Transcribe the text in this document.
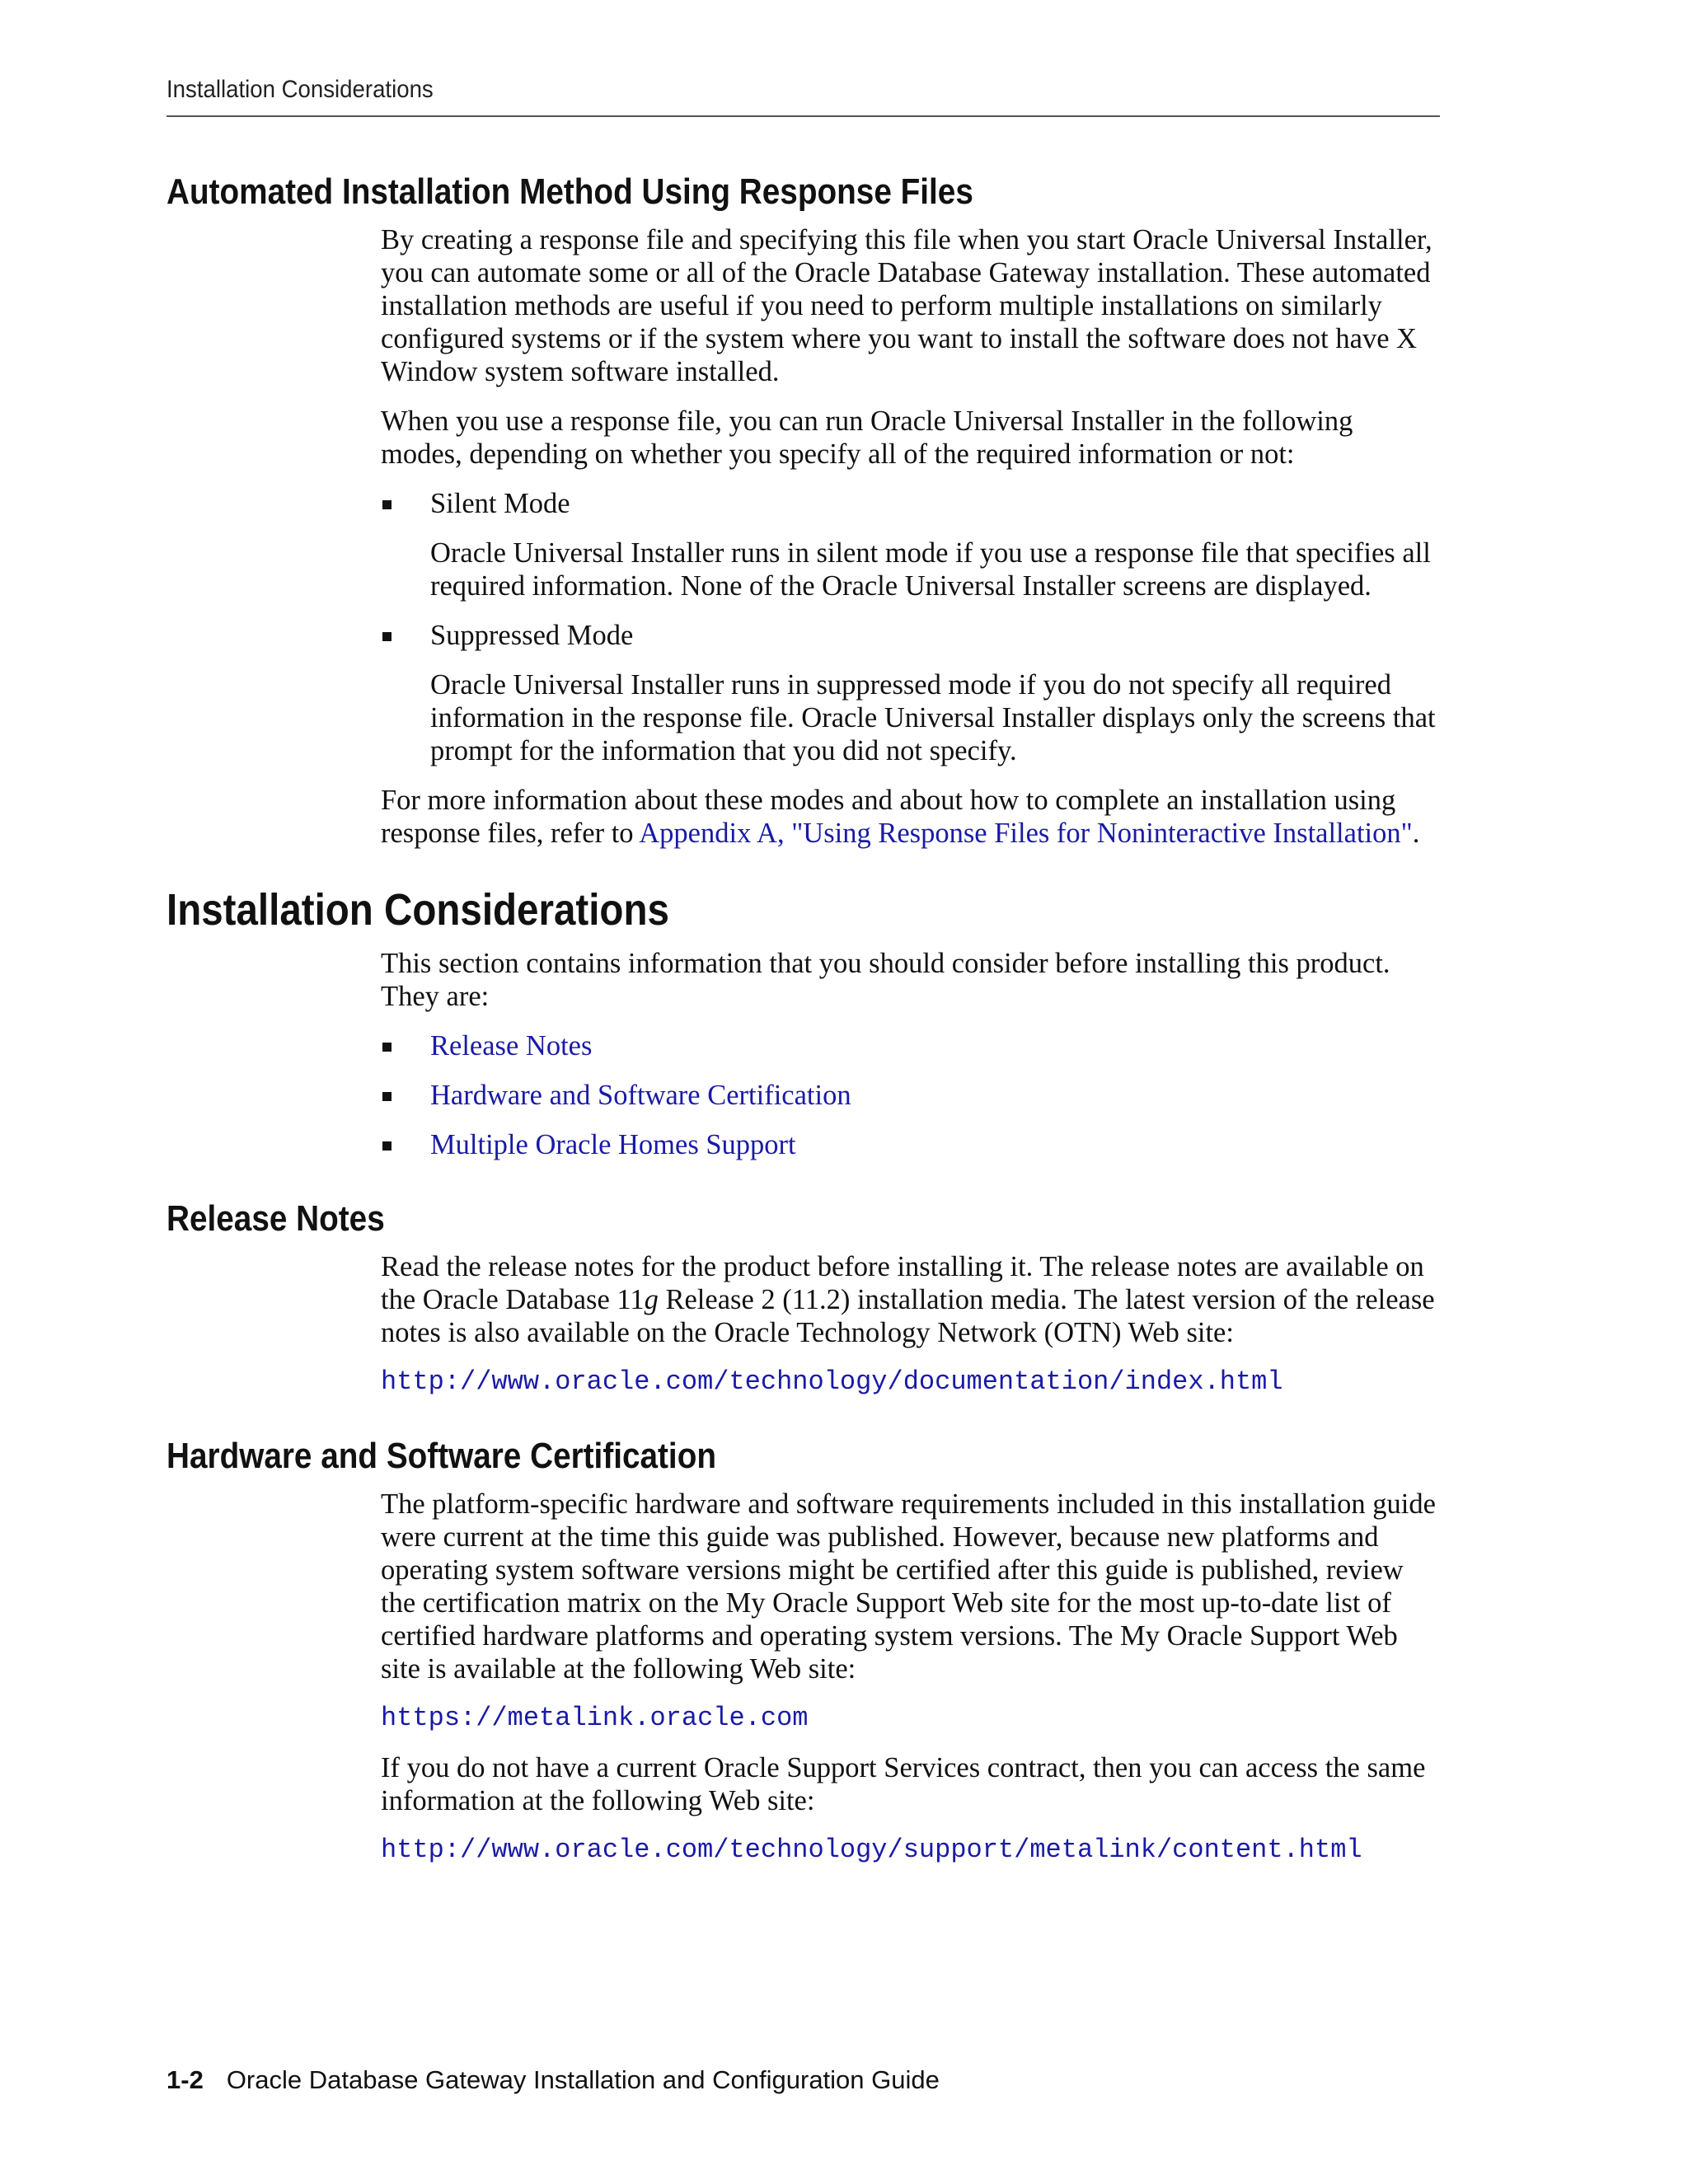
Installation Considerations
Automated Installation Method Using Response Files

By creating a response file and specifying this file when you start Oracle Universal Installer, you can automate some or all of the Oracle Database Gateway installation. These automated installation methods are useful if you need to perform multiple installations on similarly configured systems or if the system where you want to install the software does not have X Window system software installed.

When you use a response file, you can run Oracle Universal Installer in the following modes, depending on whether you specify all of the required information or not:

Silent Mode
Oracle Universal Installer runs in silent mode if you use a response file that specifies all required information. None of the Oracle Universal Installer screens are displayed.
Suppressed Mode
Oracle Universal Installer runs in suppressed mode if you do not specify all required information in the response file. Oracle Universal Installer displays only the screens that prompt for the information that you did not specify.

For more information about these modes and about how to complete an installation using response files, refer to Appendix A, "Using Response Files for Noninteractive Installation".

Installation Considerations

This section contains information that you should consider before installing this product. They are:

Release Notes
Hardware and Software Certification
Multiple Oracle Homes Support
Release Notes

Read the release notes for the product before installing it. The release notes are available on the Oracle Database 11g Release 2 (11.2) installation media. The latest version of the release notes is also available on the Oracle Technology Network (OTN) Web site:

http://www.oracle.com/technology/documentation/index.html
Hardware and Software Certification

The platform-specific hardware and software requirements included in this installation guide were current at the time this guide was published. However, because new platforms and operating system software versions might be certified after this guide is published, review the certification matrix on the My Oracle Support Web site for the most up-to-date list of certified hardware platforms and operating system versions. The My Oracle Support Web site is available at the following Web site:

https://metalink.oracle.com

If you do not have a current Oracle Support Services contract, then you can access the same information at the following Web site:

http://www.oracle.com/technology/support/metalink/content.html
1-2 Oracle Database Gateway Installation and Configuration Guide
